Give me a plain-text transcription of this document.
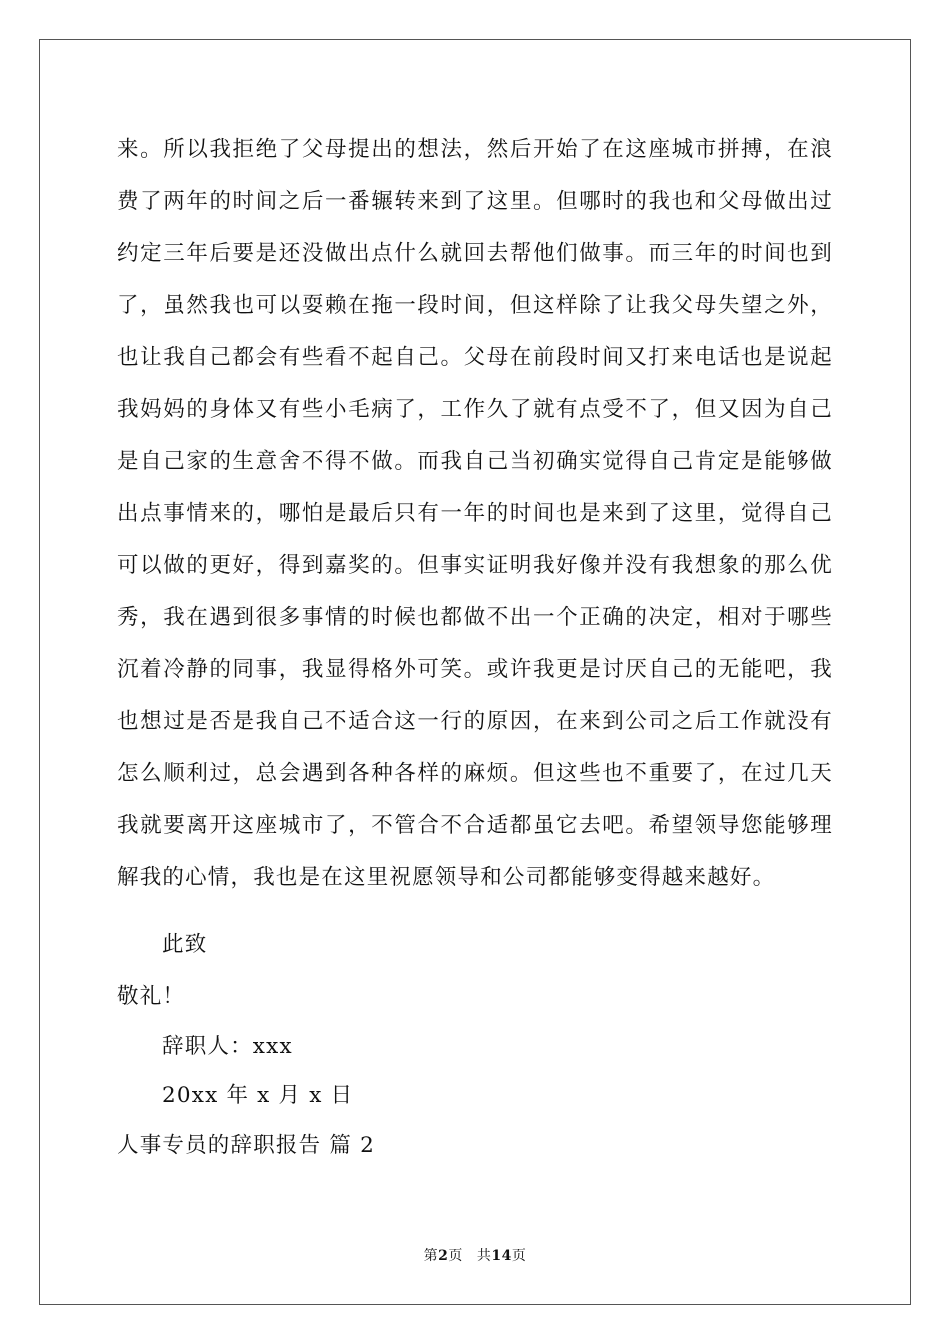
来。所以我拒绝了父母提出的想法，然后开始了在这座城市拼搏，在浪费了两年的时间之后一番辗转来到了这里。但哪时的我也和父母做出过约定三年后要是还没做出点什么就回去帮他们做事。而三年的时间也到了，虽然我也可以耍赖在拖一段时间，但这样除了让我父母失望之外，也让我自己都会有些看不起自己。父母在前段时间又打来电话也是说起我妈妈的身体又有些小毛病了，工作久了就有点受不了，但又因为自己是自己家的生意舍不得不做。而我自己当初确实觉得自己肯定是能够做出点事情来的，哪怕是最后只有一年的时间也是来到了这里，觉得自己可以做的更好，得到嘉奖的。但事实证明我好像并没有我想象的那么优秀，我在遇到很多事情的时候也都做不出一个正确的决定，相对于哪些沉着冷静的同事，我显得格外可笑。或许我更是讨厌自己的无能吧，我也想过是否是我自己不适合这一行的原因，在来到公司之后工作就没有怎么顺利过，总会遇到各种各样的麻烦。但这些也不重要了，在过几天我就要离开这座城市了，不管合不合适都虽它去吧。希望领导您能够理解我的心情，我也是在这里祝愿领导和公司都能够变得越来越好。

此致
敬礼！
辞职人：xxx
20xx 年 x 月 x 日
人事专员的辞职报告 篇 2
第2页 共14页
